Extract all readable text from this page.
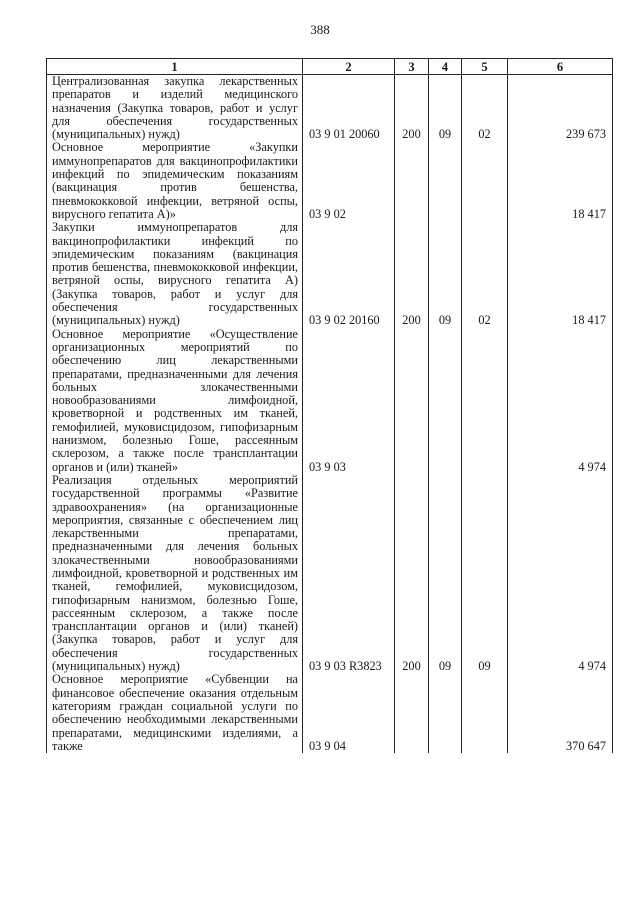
388
1	2	3	4	5	6
Централизованная закупка лекарственных препаратов и изделий медицинского назначения (Закупка товаров, работ и услуг для обеспечения государственных (муниципальных) нужд)	03 9 01 20060	200	09	02	239 673
Основное мероприятие «Закупки иммунопрепаратов для вакцинопрофилактики инфекций по эпидемическим показаниям (вакцинация против бешенства, пневмококковой инфекции, ветряной оспы, вирусного гепатита А)»	03 9 02				18 417
Закупки иммунопрепаратов для вакцинопрофилактики инфекций по эпидемическим показаниям (вакцинация против бешенства, пневмококковой инфекции, ветряной оспы, вирусного гепатита А) (Закупка товаров, работ и услуг для обеспечения государственных (муниципальных) нужд)	03 9 02 20160	200	09	02	18 417
Основное мероприятие «Осуществление организационных мероприятий по обеспечению лиц лекарственными препаратами, предназначенными для лечения больных злокачественными новообразованиями лимфоидной, кроветворной и родственных им тканей, гемофилией, муковисцидозом, гипофизарным нанизмом, болезнью Гоше, рассеянным склерозом, а также после трансплантации органов и (или) тканей»	03 9 03				4 974
Реализация отдельных мероприятий государственной программы «Развитие здравоохранения» (на организационные мероприятия, связанные с обеспечением лиц лекарственными препаратами, предназначенными для лечения больных злокачественными новообразованиями лимфоидной, кроветворной и родственных им тканей, гемофилией, муковисцидозом, гипофизарным нанизмом, болезнью Гоше, рассеянным склерозом, а также после трансплантации органов и (или) тканей) (Закупка товаров, работ и услуг для обеспечения государственных (муниципальных) нужд)	03 9 03 R3823	200	09	09	4 974
Основное мероприятие «Субвенции на финансовое обеспечение оказания отдельным категориям граждан социальной услуги по обеспечению необходимыми лекарственными препаратами, медицинскими изделиями, а также	03 9 04				370 647
